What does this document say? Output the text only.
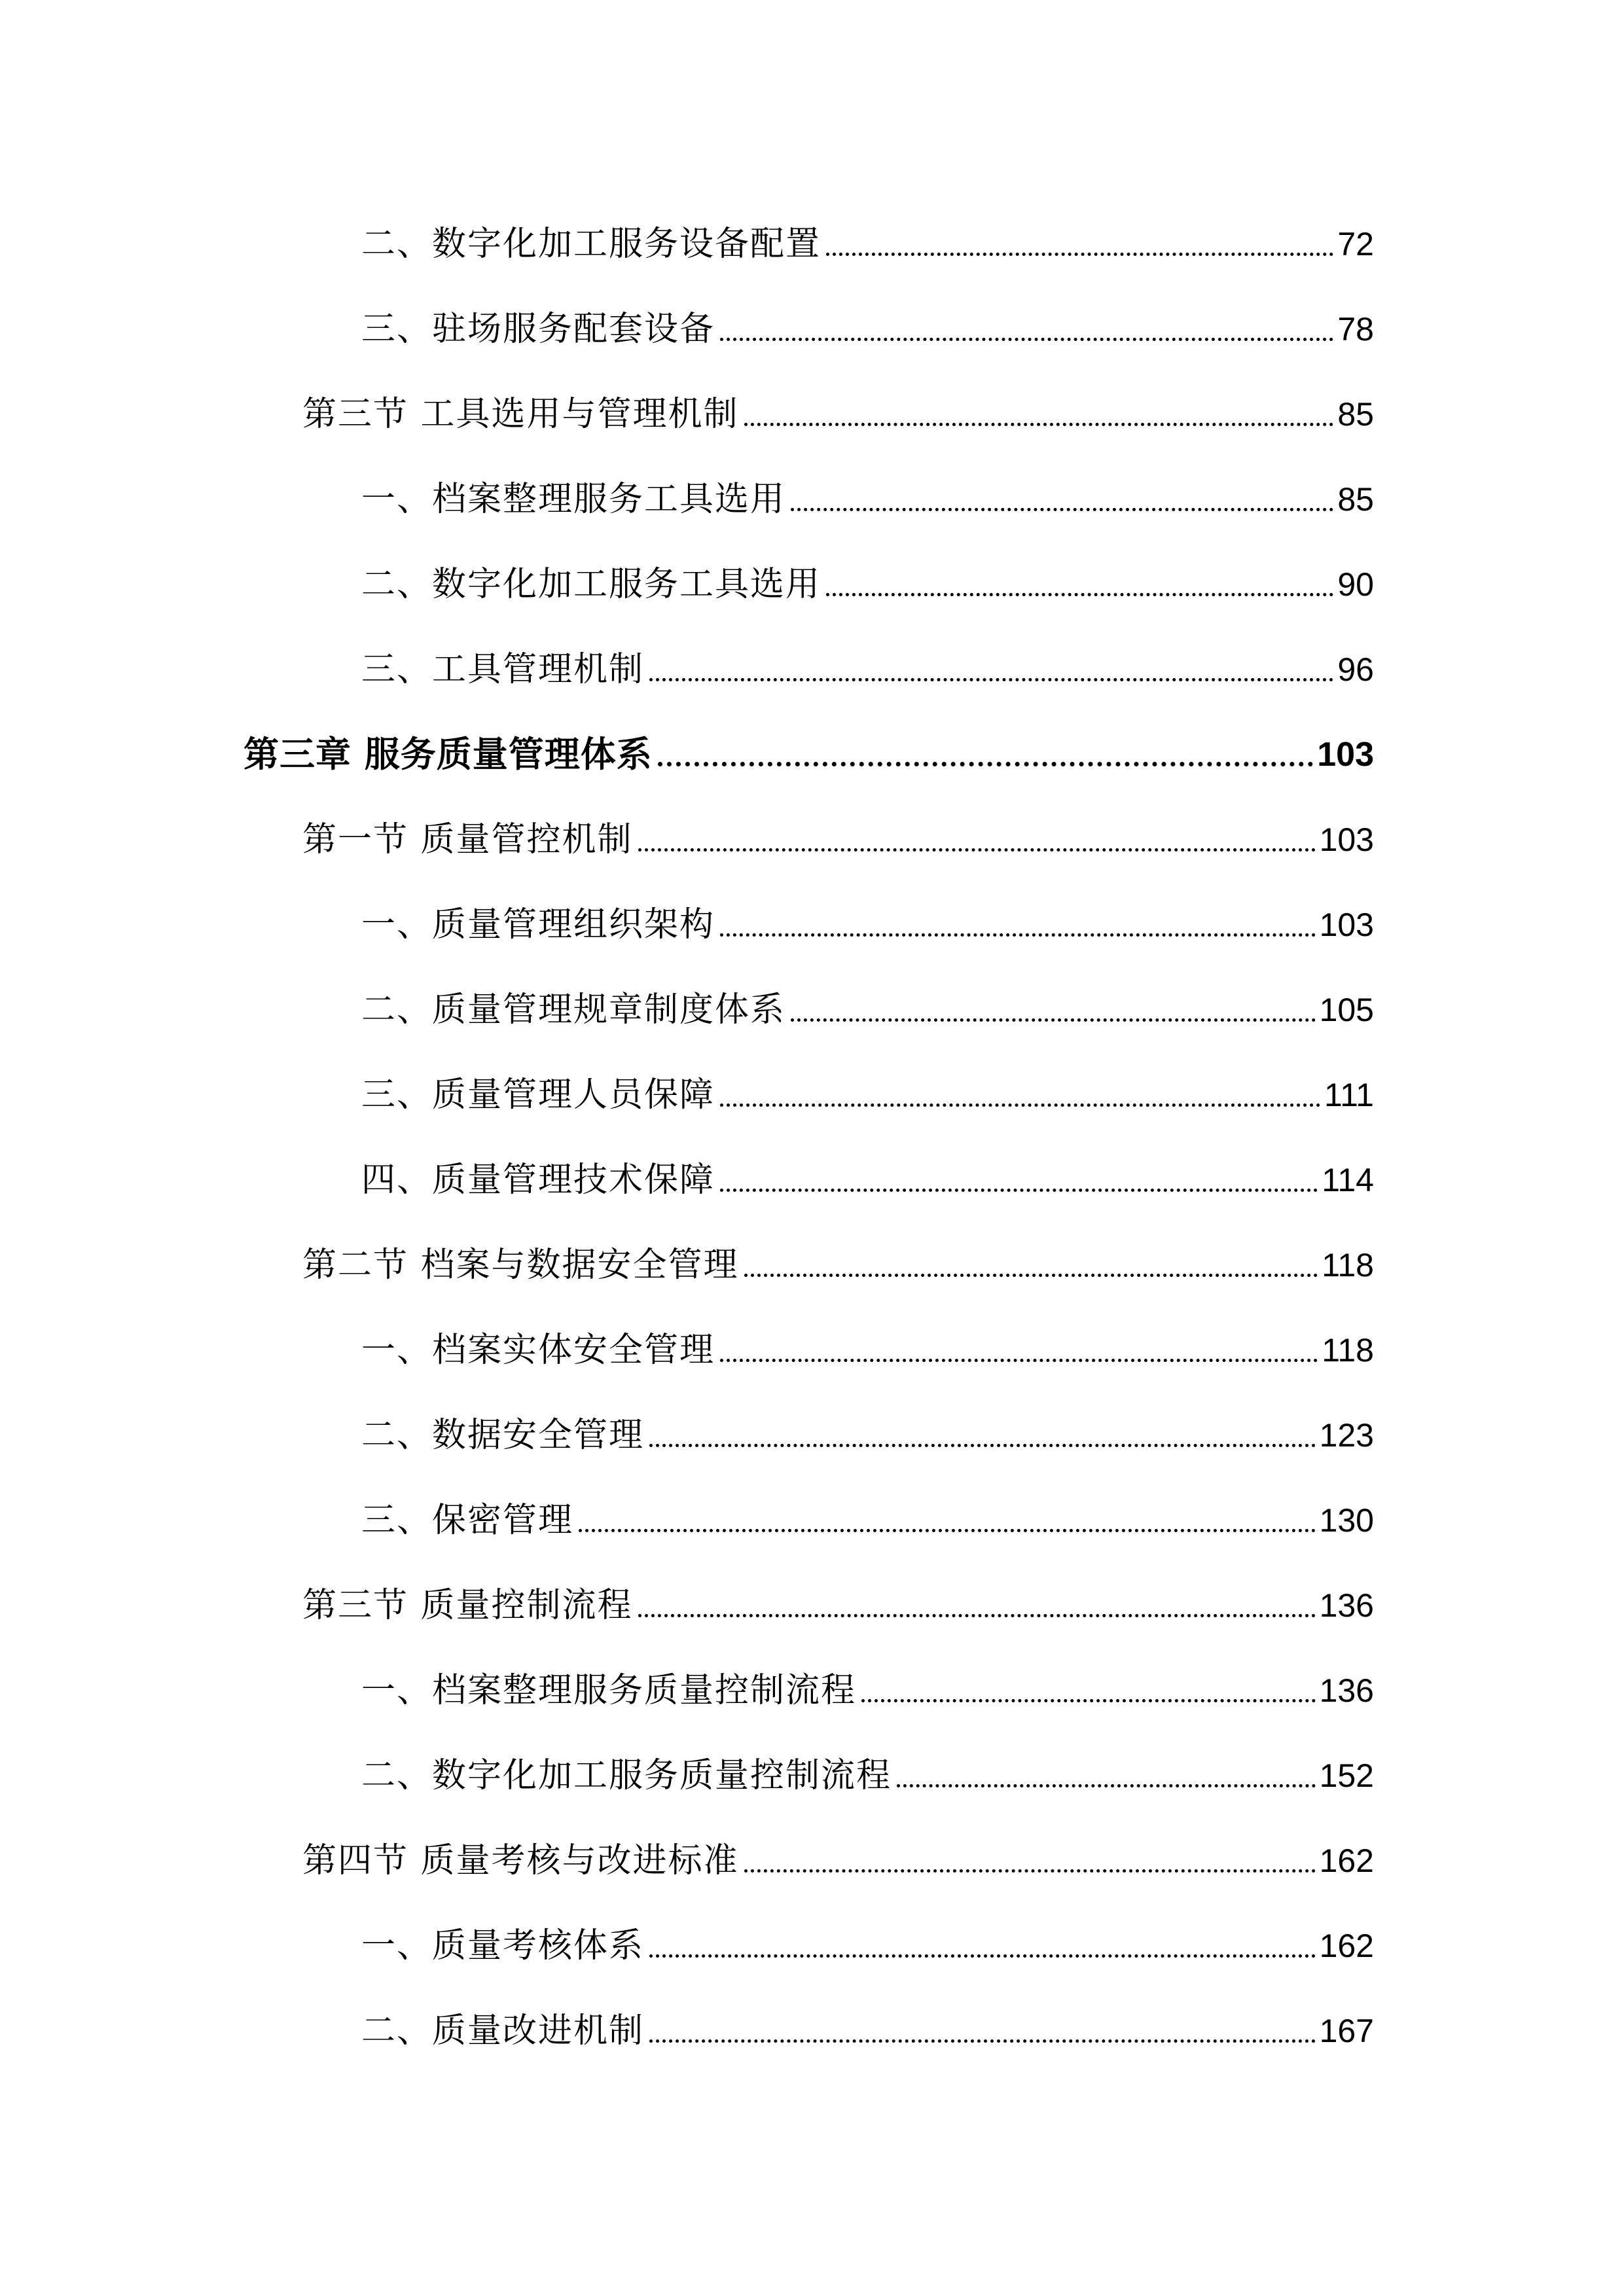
二、数字化加工服务设备配置	72
三、驻场服务配套设备	78
第三节 工具选用与管理机制	85
一、档案整理服务工具选用	85
二、数字化加工服务工具选用	90
三、工具管理机制	96
第三章 服务质量管理体系	103
第一节 质量管控机制	103
一、质量管理组织架构	103
二、质量管理规章制度体系	105
三、质量管理人员保障	111
四、质量管理技术保障	114
第二节 档案与数据安全管理	118
一、档案实体安全管理	118
二、数据安全管理	123
三、保密管理	130
第三节 质量控制流程	136
一、档案整理服务质量控制流程	136
二、数字化加工服务质量控制流程	152
第四节 质量考核与改进标准	162
一、质量考核体系	162
二、质量改进机制	167
